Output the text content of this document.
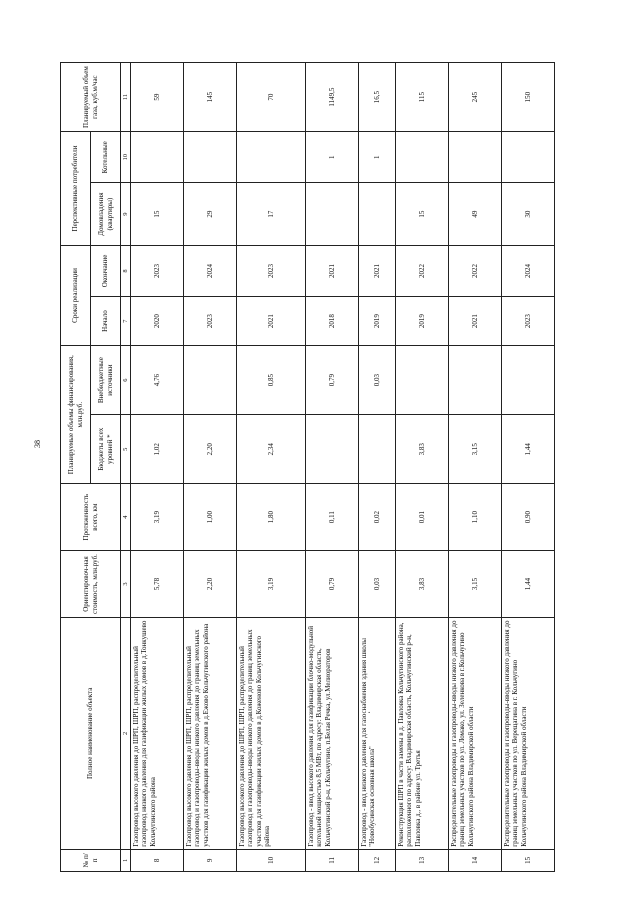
38
.
№ п/п	Полное наименование объекта	Ориентировоч-ная стоимость, млн.руб.	Протяженность всего, км	Планируемые объемы финансирования, млн.руб.		Сроки реализации		Перспективные потребители		Планируемый объем газа, куб.м/час
				Бюджеты всех уровней *	Внебюджетные источники	Начало	Окончание	Домовладения (квартиры)	Котельные	
1	2	3	4	5	6	7	8	9	10	11
8	Газопровод высокого давления до ШРП, ШРП, распределительный газопровод низкого давления для газификации жилых домов в д.Тонкушево Кольчугинского района	5,78	3,19	1,02	4,76	2020	2023	15		59
9	Газопровод высокого давления до ШРП, ШРП, распределительный газопровод и газопроводы-вводы низкого давления до границ земельных участков для газификации жилых домов в д.Ежово Кольчугинского района	2,20	1,00	2,20		2023	2024	29		145
10	Газопровод высокого давления до ШРП, ШРП, распределительный газопровод и газопроводы-вводы низкого давления до границ земельных участков для газификации жилых домов в д.Коженово Кольчугинского района	3,19	1,80	2,34	0,85	2021	2023	17		70
11	Газопровод - ввод высокого давления для газификации блочно-модульной котельной мощностью 8,5 МВт, по адресу: Владимирская область, Кольчугинский р-н, г.Кольчугино, п.Белая Речка, ул.Мелиораторов	0,79	0,11		0,79	2018	2021		1	1149,5
12	Газопровод - ввод низкого давления для газоснабжения здания школы "Новобусинская основная школа"	0,03	0,02		0,03	2019	2021		1	16,5
13	Реконструкция ШРП в части замены в д. Павловка Кольчугинского района, расположенного по адресу: Владимирская область, Кольчугинский р-н, Павловка д., в районе ул. Третья	3,83	0,01	3,83		2019	2022	15		115
14	Распределительные газопроводы и газопроводы-вводы низкого давления до границ земельных участков по ул. Ломако, ул. Зеленкова в г.Кольчугино Кольчугинского района Владимирской области	3,15	1,10	3,15		2021	2022	49		245
15	Распределительные газопроводы и газопроводы-вводы низкого давления до границ земельных участков по ул. Верещагина в г. Кольчугино Кольчугинского района Владимирской области	1,44	0,90	1,44		2023	2024	30		150
